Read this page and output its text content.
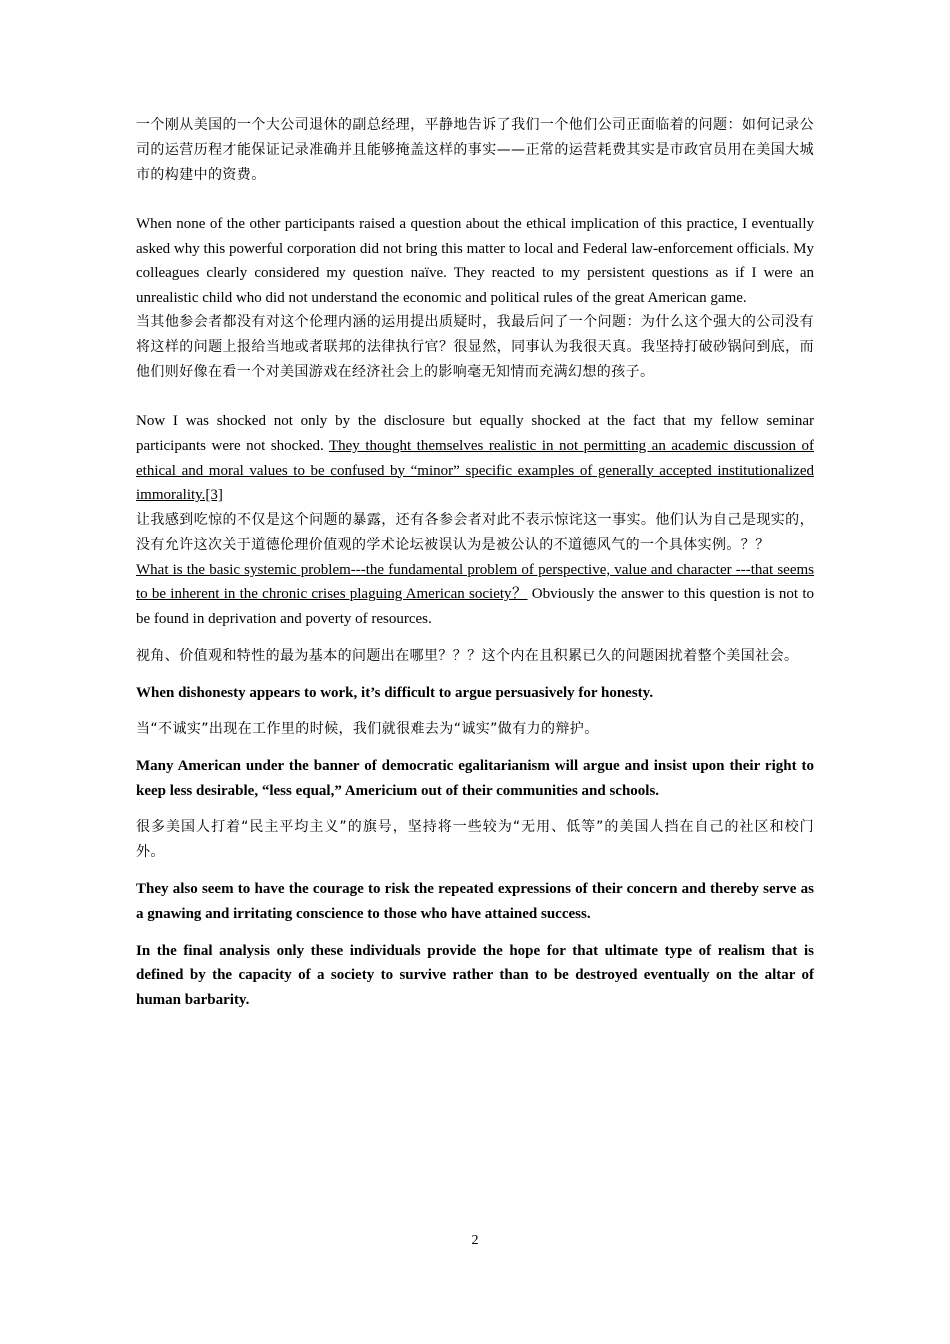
一个刚从美国的一个大公司退休的副总经理，平静地告诉了我们一个他们公司正面临着的问题：如何记录公司的运营历程才能保证记录准确并且能够掩盖这样的事实——正常的运营耗费其实是市政官员用在美国大城市的构建中的资费。

When none of the other participants raised a question about the ethical implication of this practice, I eventually asked why this powerful corporation did not bring this matter to local and Federal law-enforcement officials. My colleagues clearly considered my question naïve. They reacted to my persistent questions as if I were an unrealistic child who did not understand the economic and political rules of the great American game.

当其他参会者都没有对这个伦理内涵的运用提出质疑时，我最后问了一个问题：为什么这个强大的公司没有将这样的问题上报给当地或者联邦的法律执行官？很显然，同事认为我很天真。我坚持打破砂锅问到底，而他们则好像在看一个对美国游戏在经济社会上的影响毫无知情而充满幻想的孩子。

Now I was shocked not only by the disclosure but equally shocked at the fact that my fellow seminar participants were not shocked. They thought themselves realistic in not permitting an academic discussion of ethical and moral values to be confused by “minor” specific examples of generally accepted institutionalized immorality.[3]

让我感到吃惊的不仅是这个问题的暴露，还有各参会者对此不表示惊诧这一事实。他们认为自己是现实的，没有允许这次关于道德伦理价值观的学术论坛被误认为是被公认的不道德风气的一个具体实例。？？

What is the basic systemic problem---the fundamental problem of perspective, value and character ---that seems to be inherent in the chronic crises plaguing American society？ Obviously the answer to this question is not to be found in deprivation and poverty of resources.

视角、价值观和特性的最为基本的问题出在哪里？？？这个内在且积累已久的问题困扰着整个美国社会。

When dishonesty appears to work, it’s difficult to argue persuasively for honesty.

当“不诚实”出现在工作里的时候，我们就很难去为“诚实”做有力的辩护。

Many American under the banner of democratic egalitarianism will argue and insist upon their right to keep less desirable, “less equal,” Americium out of their communities and schools.

很多美国人打着“民主平均主义”的旗号，坚持将一些较为“无用、低等”的美国人挡在自己的社区和校门外。

They also seem to have the courage to risk the repeated expressions of their concern and thereby serve as a gnawing and irritating conscience to those who have attained success.

In the final analysis only these individuals provide the hope for that ultimate type of realism that is defined by the capacity of a society to survive rather than to be destroyed eventually on the altar of human barbarity.

2
